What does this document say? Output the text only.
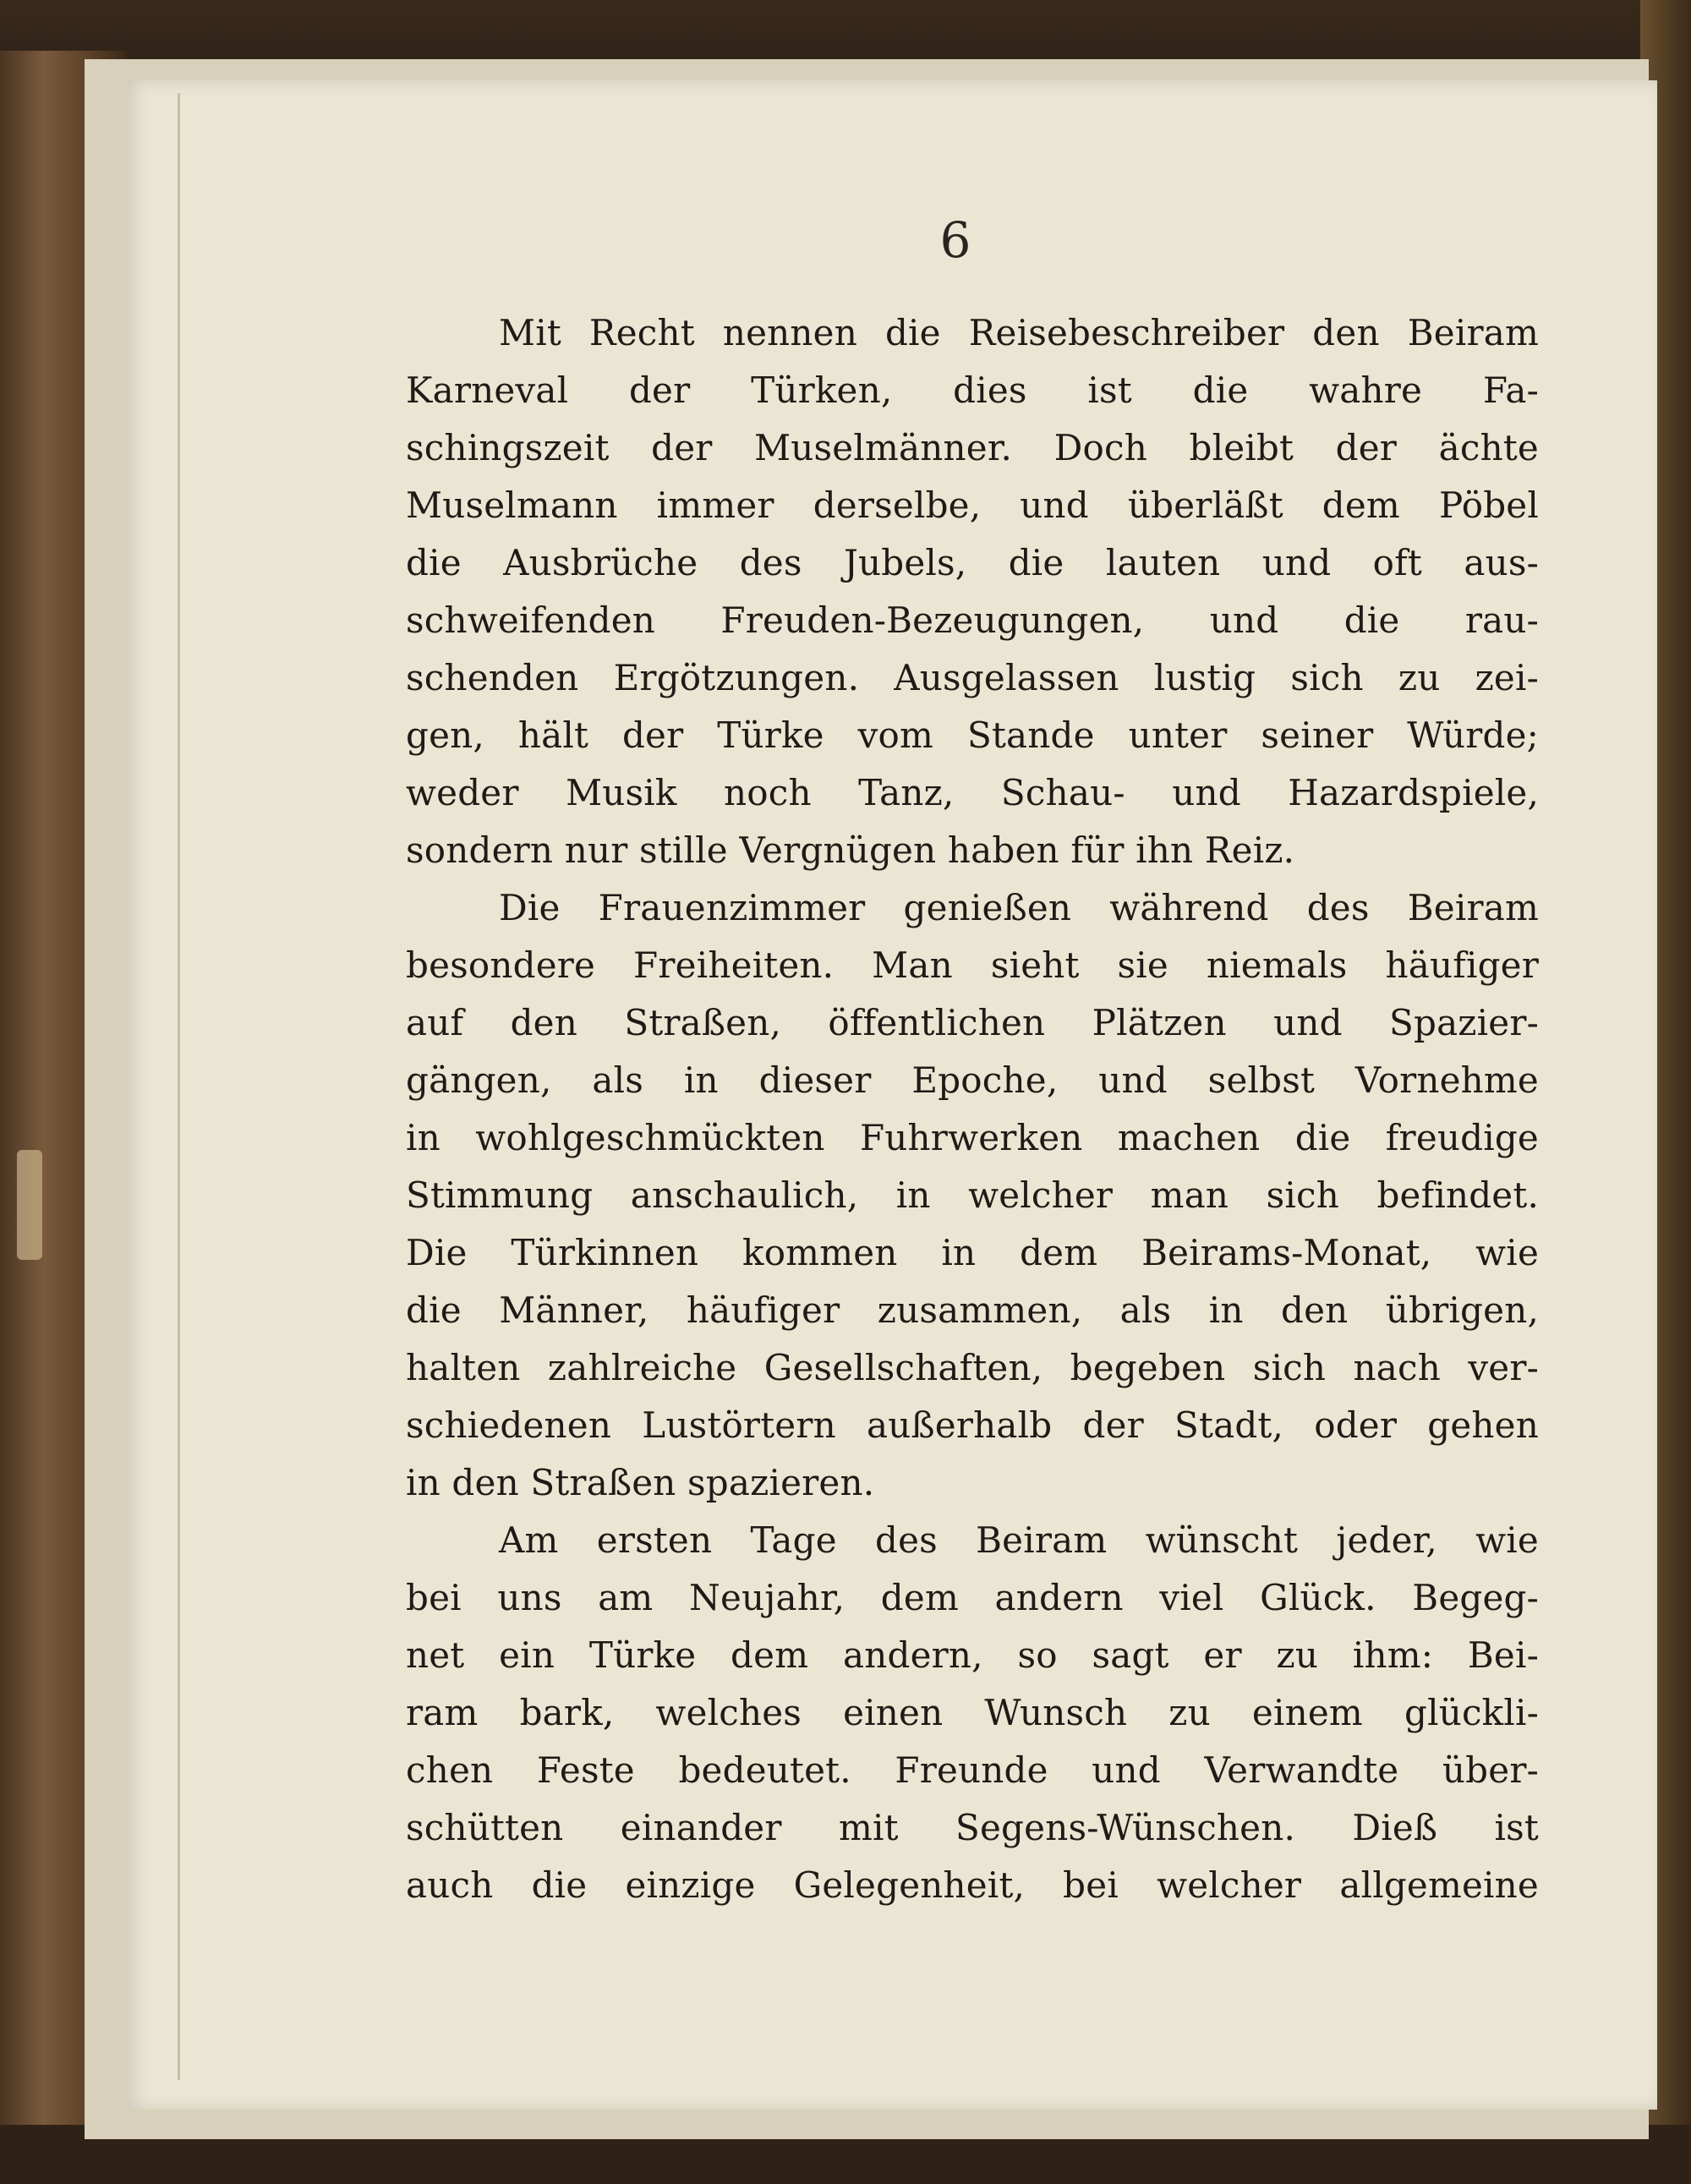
6
Mit Recht nennen die Reisebeschreiber den Beiram
Karneval der Türken, dies ist die wahre Fa-
schingszeit der Muselmänner. Doch bleibt der ächte
Muselmann immer derselbe, und überläßt dem Pöbel
die Ausbrüche des Jubels, die lauten und oft aus-
schweifenden Freuden-Bezeugungen, und die rau-
schenden Ergötzungen. Ausgelassen lustig sich zu zei-
gen, hält der Türke vom Stande unter seiner Würde;
weder Musik noch Tanz, Schau- und Hazardspiele,
sondern nur stille Vergnügen haben für ihn Reiz.
Die Frauenzimmer genießen während des Beiram
besondere Freiheiten. Man sieht sie niemals häufiger
auf den Straßen, öffentlichen Plätzen und Spazier-
gängen, als in dieser Epoche, und selbst Vornehme
in wohlgeschmückten Fuhrwerken machen die freudige
Stimmung anschaulich, in welcher man sich befindet.
Die Türkinnen kommen in dem Beirams-Monat, wie
die Männer, häufiger zusammen, als in den übrigen,
halten zahlreiche Gesellschaften, begeben sich nach ver-
schiedenen Lustörtern außerhalb der Stadt, oder gehen
in den Straßen spazieren.
Am ersten Tage des Beiram wünscht jeder, wie
bei uns am Neujahr, dem andern viel Glück. Begeg-
net ein Türke dem andern, so sagt er zu ihm: Bei-
ram bark, welches einen Wunsch zu einem glückli-
chen Feste bedeutet. Freunde und Verwandte über-
schütten einander mit Segens-Wünschen. Dieß ist
auch die einzige Gelegenheit, bei welcher allgemeine
